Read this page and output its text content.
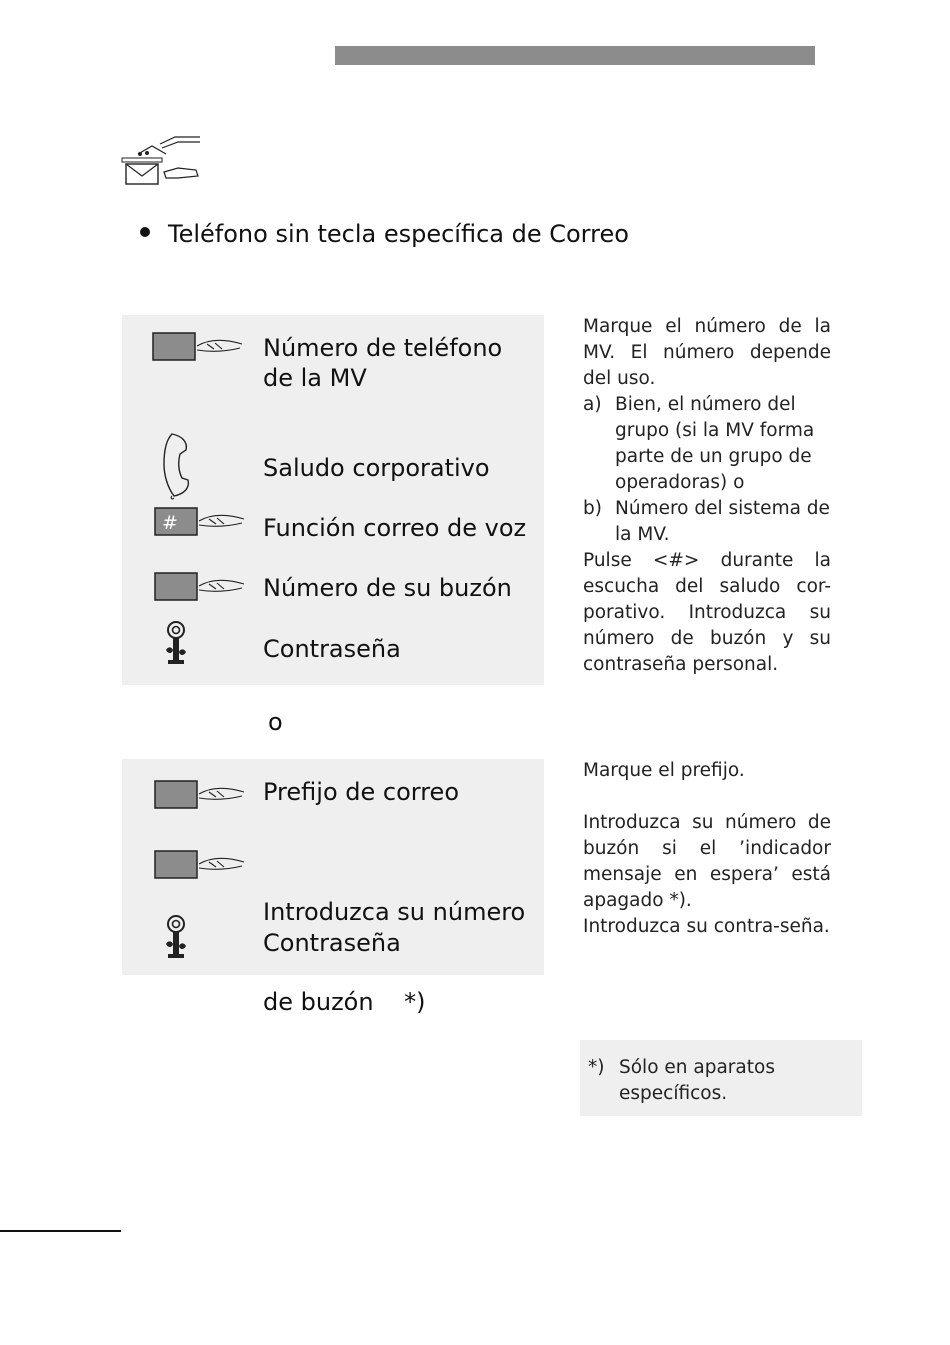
Teléfono sin tecla específica de Correo
Número de teléfono
de la MV
Saludo corporativo
#	Función correo de voz
Número de su buzón
Contraseña
o
Prefijo de correo

Introduzca su número

de buzón    *)

Contraseña

Marque el número de la MV. El número depende del uso.

a) Bien, el número del grupo (si la MV forma parte de un grupo de operadoras) o
b) Número del sistema de la MV.

Pulse <#> durante la escucha del saludo cor-porativo. Introduzca su número de buzón y su contraseña personal.

Marque el prefijo.

Introduzca su número de buzón si el ’indicador mensaje en espera’ está apagado *).

Introduzca su contra-seña.

*) Sólo en aparatos específicos.
